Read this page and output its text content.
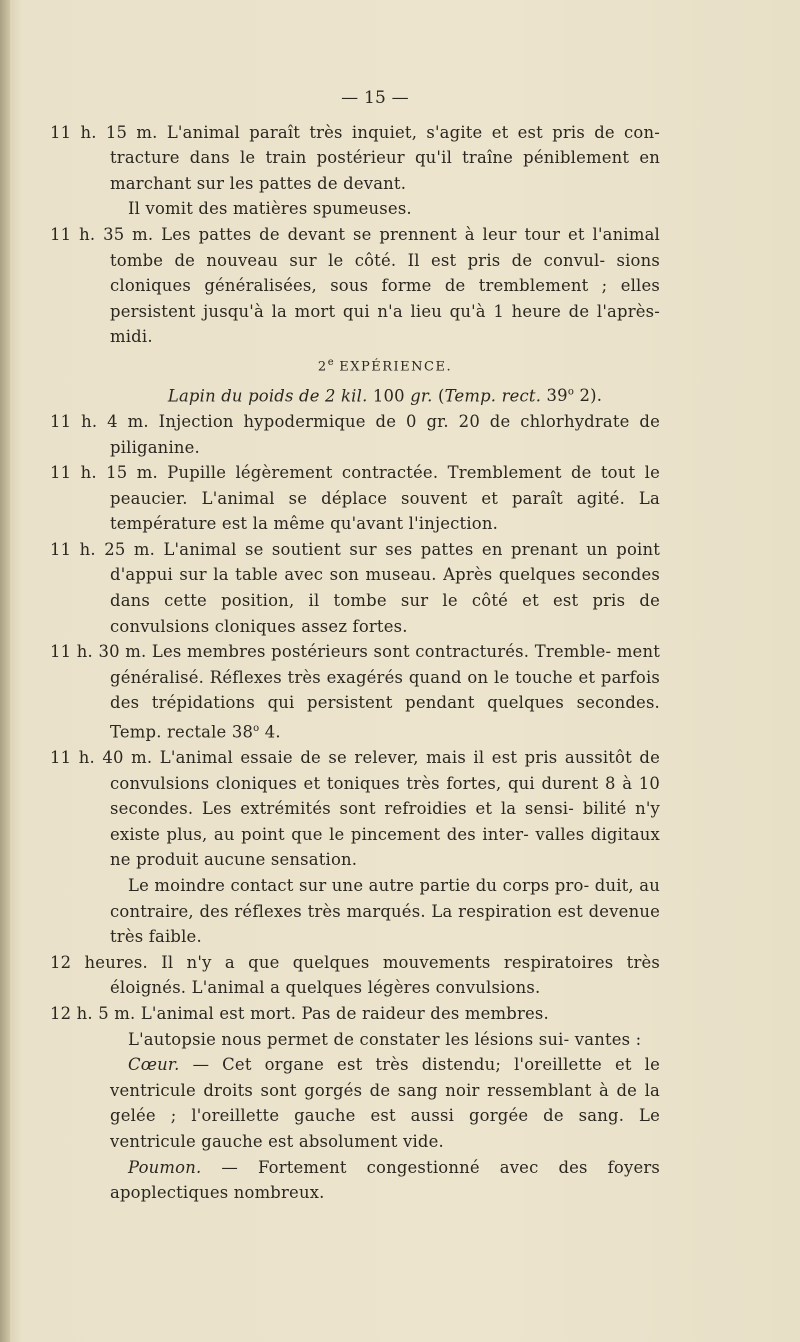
— 15 —

11 h. 15 m. L'animal paraît très inquiet, s'agite et est pris de con- tracture dans le train postérieur qu'il traîne péniblement en marchant sur les pattes de devant.

Il vomit des matières spumeuses.

11 h. 35 m. Les pattes de devant se prennent à leur tour et l'animal tombe de nouveau sur le côté. Il est pris de convul- sions cloniques généralisées, sous forme de tremblement ; elles persistent jusqu'à la mort qui n'a lieu qu'à 1 heure de l'après-midi.

2e EXPÉRIENCE.

Lapin du poids de 2 kil. 100 gr. (Temp. rect. 39$^o$ 2).

11 h. 4 m. Injection hypodermique de 0 gr. 20 de chlorhydrate de piliganine.

11 h. 15 m. Pupille légèrement contractée. Tremblement de tout le peaucier. L'animal se déplace souvent et paraît agité. La température est la même qu'avant l'injection.

11 h. 25 m. L'animal se soutient sur ses pattes en prenant un point d'appui sur la table avec son museau. Après quelques secondes dans cette position, il tombe sur le côté et est pris de convulsions cloniques assez fortes.

11 h. 30 m. Les membres postérieurs sont contracturés. Tremble- ment généralisé. Réflexes très exagérés quand on le touche et parfois des trépidations qui persistent pendant quelques secondes. Temp. rectale 38$^o$ 4.

11 h. 40 m. L'animal essaie de se relever, mais il est pris aussitôt de convulsions cloniques et toniques très fortes, qui durent 8 à 10 secondes. Les extrémités sont refroidies et la sensi- bilité n'y existe plus, au point que le pincement des inter- valles digitaux ne produit aucune sensation.

Le moindre contact sur une autre partie du corps pro- duit, au contraire, des réflexes très marqués. La respiration est devenue très faible.

12 heures. Il n'y a que quelques mouvements respiratoires très éloignés. L'animal a quelques légères convulsions.

12 h. 5 m. L'animal est mort. Pas de raideur des membres.

L'autopsie nous permet de constater les lésions sui- vantes :

Cœur. — Cet organe est très distendu; l'oreillette et le ventricule droits sont gorgés de sang noir ressemblant à de la gelée ; l'oreillette gauche est aussi gorgée de sang. Le ventricule gauche est absolument vide.

Poumon. — Fortement congestionné avec des foyers apoplectiques nombreux.
